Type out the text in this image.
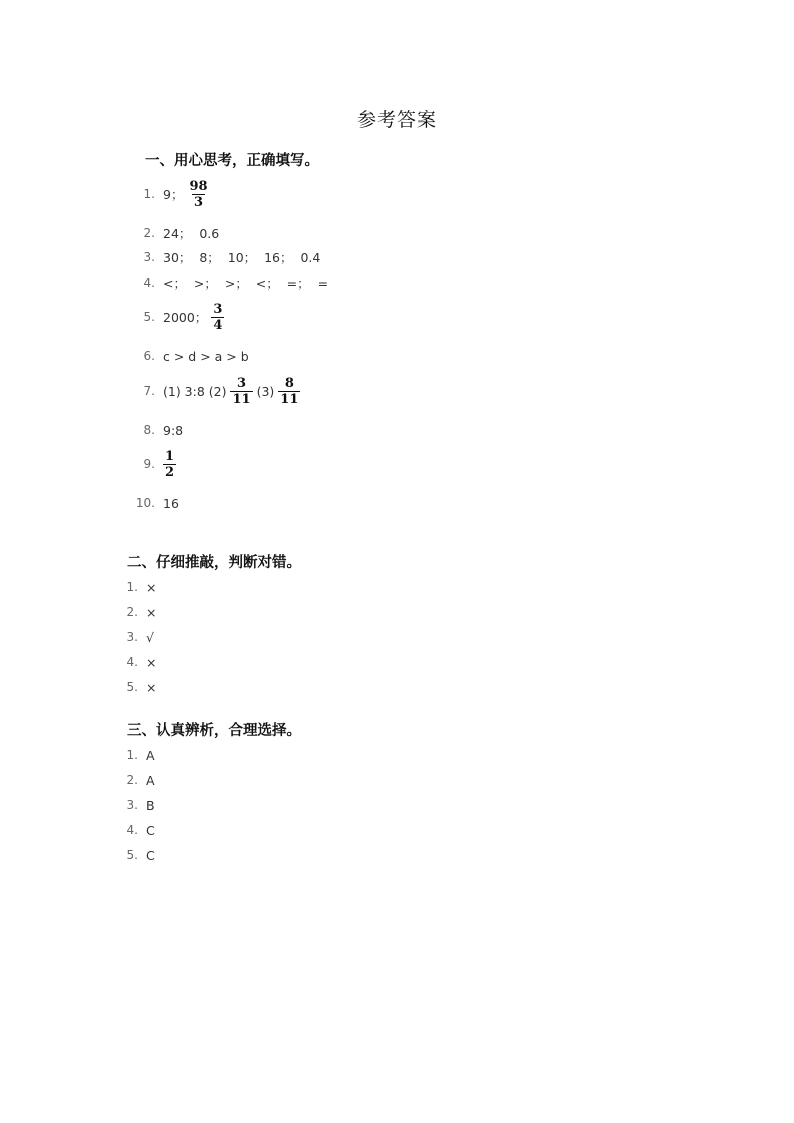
参考答案
一、用心思考，正确填写。
1. 9； $\frac{98}{3}$
2. 24；  0.6
3. 30；  8；  10；  16；  0.4
4. <；  >；  >；  <；  =；  =
5. 2000； $\frac{3}{4}$
6. c > d > a > b
7. (1) 3:8 $(2) \frac{3}{11} (3) \frac{8}{11}$
8. 9:8
9. $\frac{1}{2}$
10. 16
二、仔细推敲，判断对错。
1. ×
2. ×
3. √
4. ×
5. ×
三、认真辨析，合理选择。
1. A
2. A
3. B
4. C
5. C
